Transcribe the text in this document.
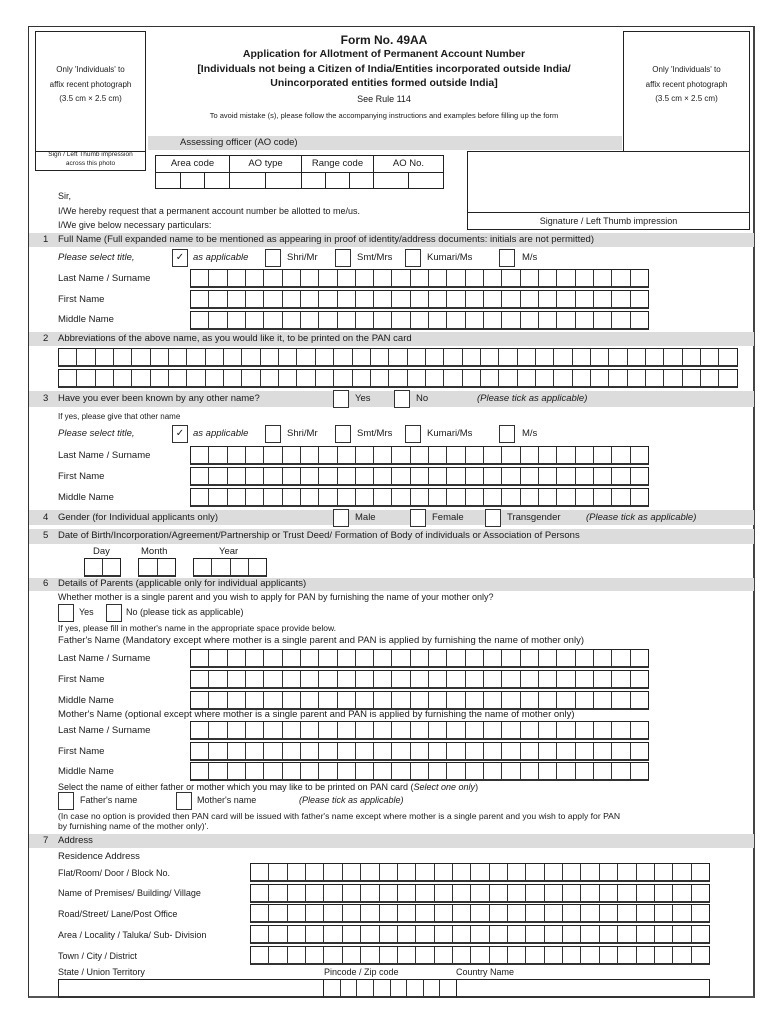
Only 'Individuals' to
affix recent photograph
(3.5 cm × 2.5 cm)
Sign / Left Thumb impression
across this photo
Form No. 49AA
Application for Allotment of Permanent Account Number
[Individuals not being a Citizen of India/Entities incorporated outside India/
Unincorporated entities formed outside India]
See Rule 114
To avoid mistake (s), please follow the accompanying instructions and examples before filling up the form
Only 'Individuals' to
affix recent photograph
(3.5 cm × 2.5 cm)
Assessing officer (AO code)
Area code	AO type	Range code	AO No.
Signature / Left Thumb impression
Sir,
I/We hereby request that a permanent account number be allotted to me/us.
I/We give below necessary particulars:
1 Full Name (Full expanded name to be mentioned as appearing in proof of identity/address documents: initials are not permitted)
Please select title,	✓ as applicable	Shri/Mr	Smt/Mrs	Kumari/Ms	M/s
Last Name / Surname
First Name
Middle Name
2 Abbreviations of the above name, as you would like it, to be printed on the PAN card
3 Have you ever been known by any other name?	Yes	No	(Please tick as applicable)
If yes, please give that other name
Please select title,	✓ as applicable	Shri/Mr	Smt/Mrs	Kumari/Ms	M/s
Last Name / Surname
First Name
Middle Name
4 Gender (for Individual applicants only)	Male	Female	Transgender	(Please tick as applicable)
5 Date of Birth/Incorporation/Agreement/Partnership or Trust Deed/ Formation of Body of individuals or Association of Persons
Day	Month	Year
6 Details of Parents (applicable only for individual applicants)
Whether mother is a single parent and you wish to apply for PAN by furnishing the name of your mother only?
Yes	No (please tick as applicable)
If yes, please fill in mother's name in the appropriate space provide below.
Father's Name (Mandatory except where mother is a single parent and PAN is applied by furnishing the name of mother only)
Last Name / Surname
First Name
Middle Name
Mother's Name (optional except where mother is a single parent and PAN is applied by furnishing the name of mother only)
Last Name / Surname
First Name
Middle Name
Select the name of either father or mother which you may like to be printed on PAN card (Select one only)
Father's name	Mother's name	(Please tick as applicable)
(In case no option is provided then PAN card will be issued with father's name except where mother is a single parent and you wish to apply for PAN
by furnishing name of the mother only)'.
7 Address
Residence Address
Flat/Room/ Door / Block No.
Name of Premises/ Building/ Village
Road/Street/ Lane/Post Office
Area / Locality / Taluka/ Sub- Division
Town / City / District
State / Union Territory	Pincode / Zip code	Country Name
